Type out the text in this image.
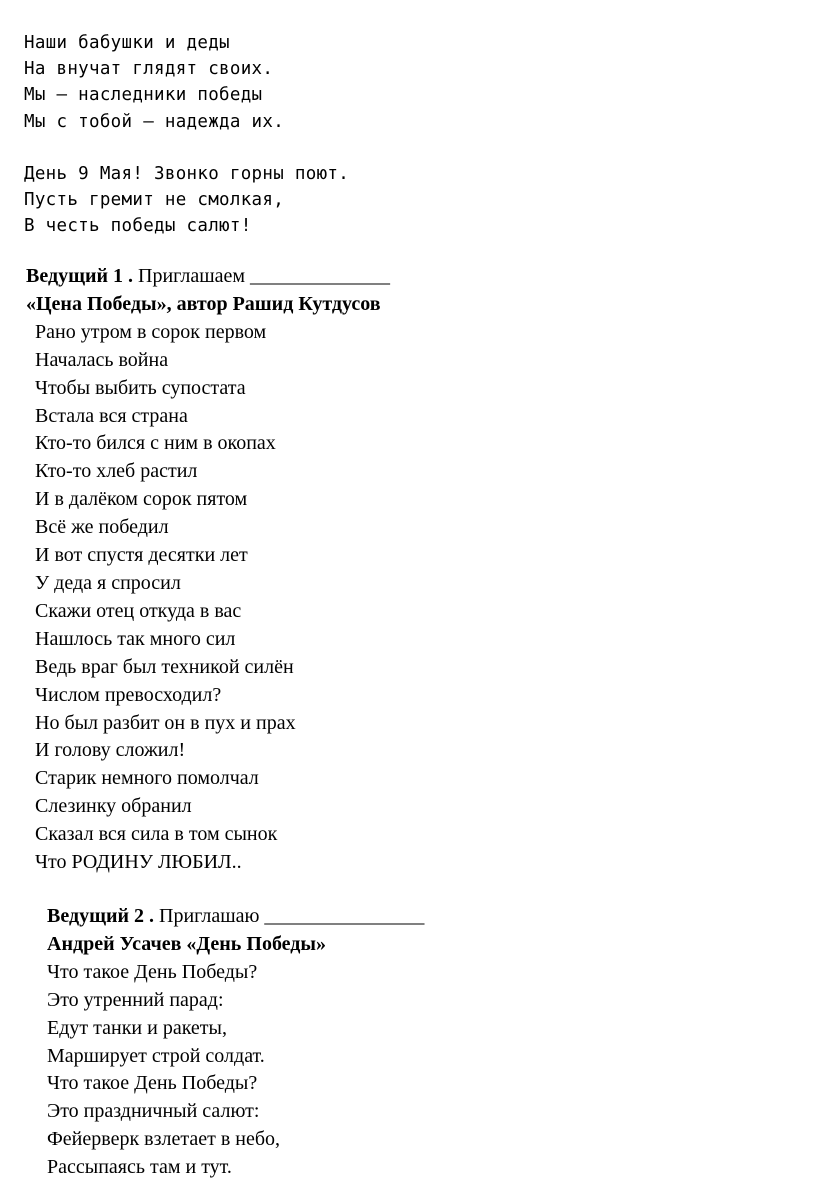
Наши бабушки и деды
На внучат глядят своих.
Мы – наследники победы
Мы с тобой – надежда их.
День 9 Мая! Звонко горны поют.
Пусть гремит не смолкая,
В честь победы салют!
Ведущий 1 . Приглашаем ______________
«Цена Победы», автор Рашид Кутдусов
Рано утром в сорок первом
Началась война
Чтобы выбить супостата
Встала вся страна
Кто-то бился с ним в окопах
Кто-то хлеб растил
И в далёком сорок пятом
Всё же победил
И вот спустя десятки лет
У деда я спросил
Скажи отец откуда в вас
Нашлось так много сил
Ведь враг был техникой силён
Числом превосходил?
Но был разбит он в пух и прах
И голову сложил!
Старик немного помолчал
Слезинку обранил
Сказал вся сила в том сынок
Что РОДИНУ ЛЮБИЛ..
Ведущий 2 . Приглашаю ________________
Андрей Усачев «День Победы»
Что такое День Победы?
Это утренний парад:
Едут танки и ракеты,
Марширует строй солдат.
Что такое День Победы?
Это праздничный салют:
Фейерверк взлетает в небо,
Рассыпаясь там и тут.
